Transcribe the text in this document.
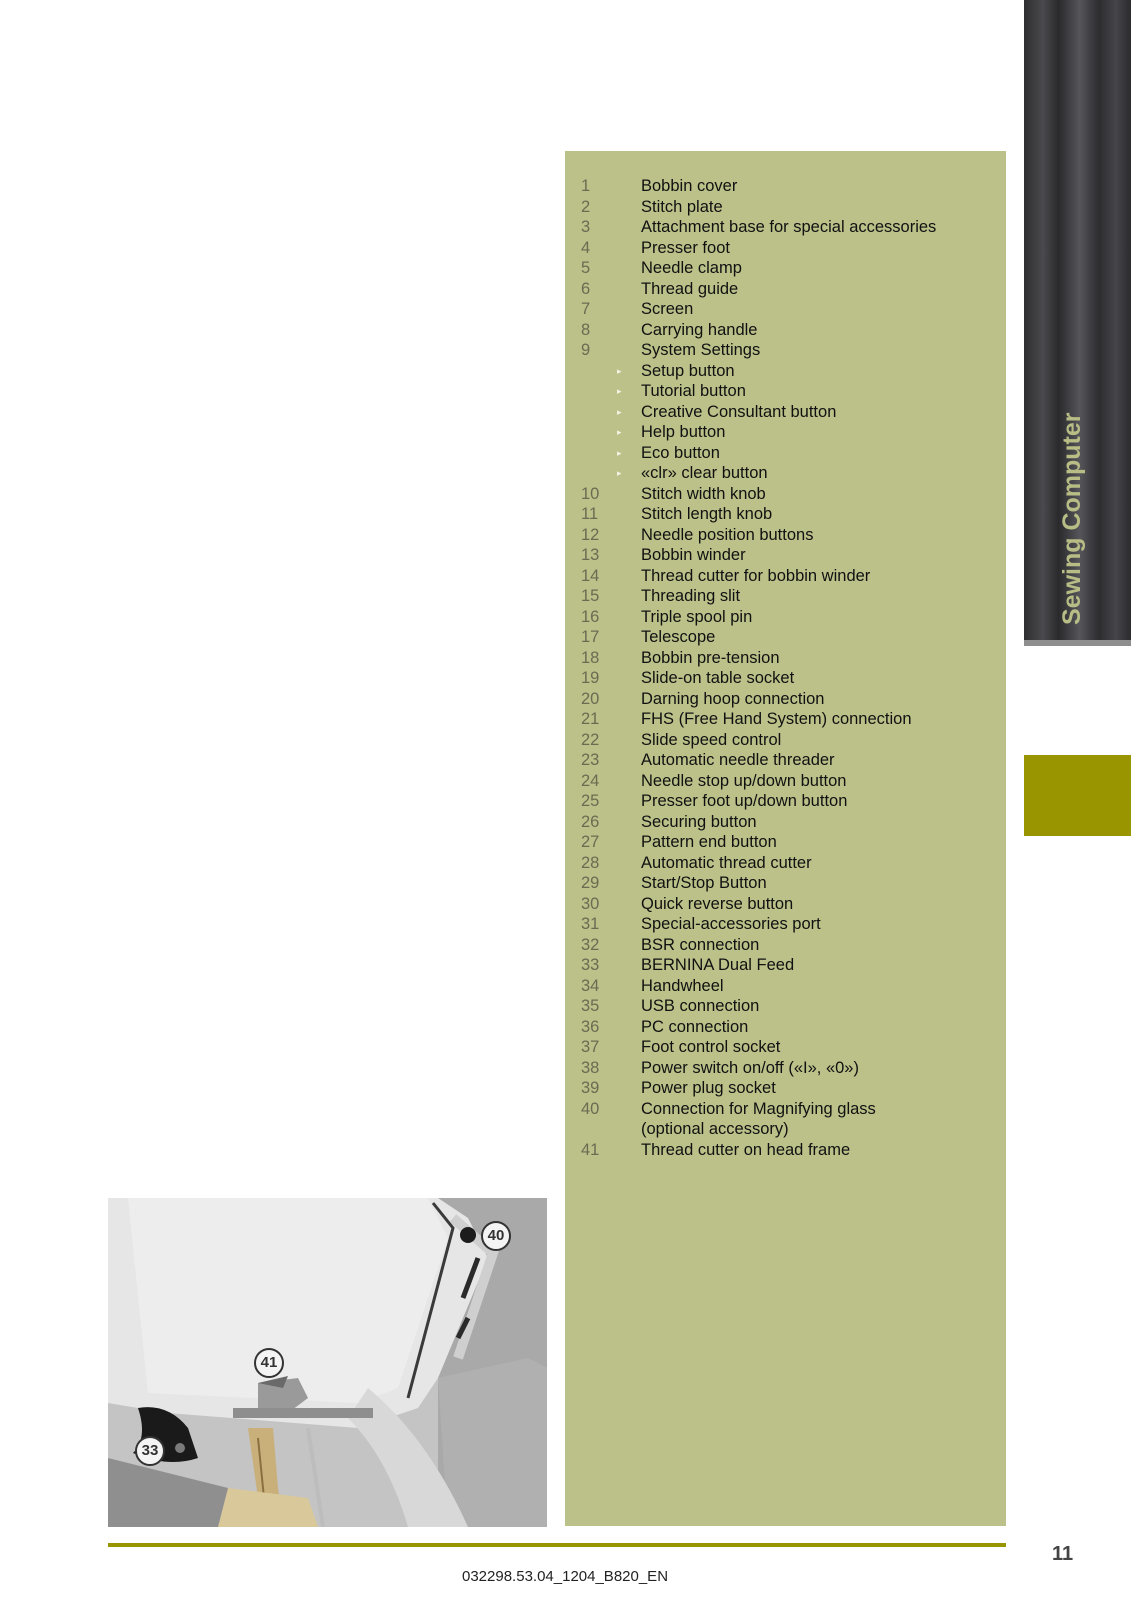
1	Bobbin cover
2	Stitch plate
3	Attachment base for special accessories
4	Presser foot
5	Needle clamp
6	Thread guide
7	Screen
8	Carrying handle
9	System Settings
▸ Setup button
▸ Tutorial button
▸ Creative Consultant button
▸ Help button
▸ Eco button
▸ «clr» clear button
10	Stitch width knob
11	Stitch length knob
12	Needle position buttons
13	Bobbin winder
14	Thread cutter for bobbin winder
15	Threading slit
16	Triple spool pin
17	Telescope
18	Bobbin pre-tension
19	Slide-on table socket
20	Darning hoop connection
21	FHS (Free Hand System) connection
22	Slide speed control
23	Automatic needle threader
24	Needle stop up/down button
25	Presser foot up/down button
26	Securing button
27	Pattern end button
28	Automatic thread cutter
29	Start/Stop Button
30	Quick reverse button
31	Special-accessories port
32	BSR connection
33	BERNINA Dual Feed
34	Handwheel
35	USB connection
36	PC connection
37	Foot control socket
38	Power switch on/off («I», «0»)
39	Power plug socket
40	Connection for Magnifying glass
(optional accessory)
41	Thread cutter on head frame
Sewing Computer
40
41
33
032298.53.04_1204_B820_EN
11
